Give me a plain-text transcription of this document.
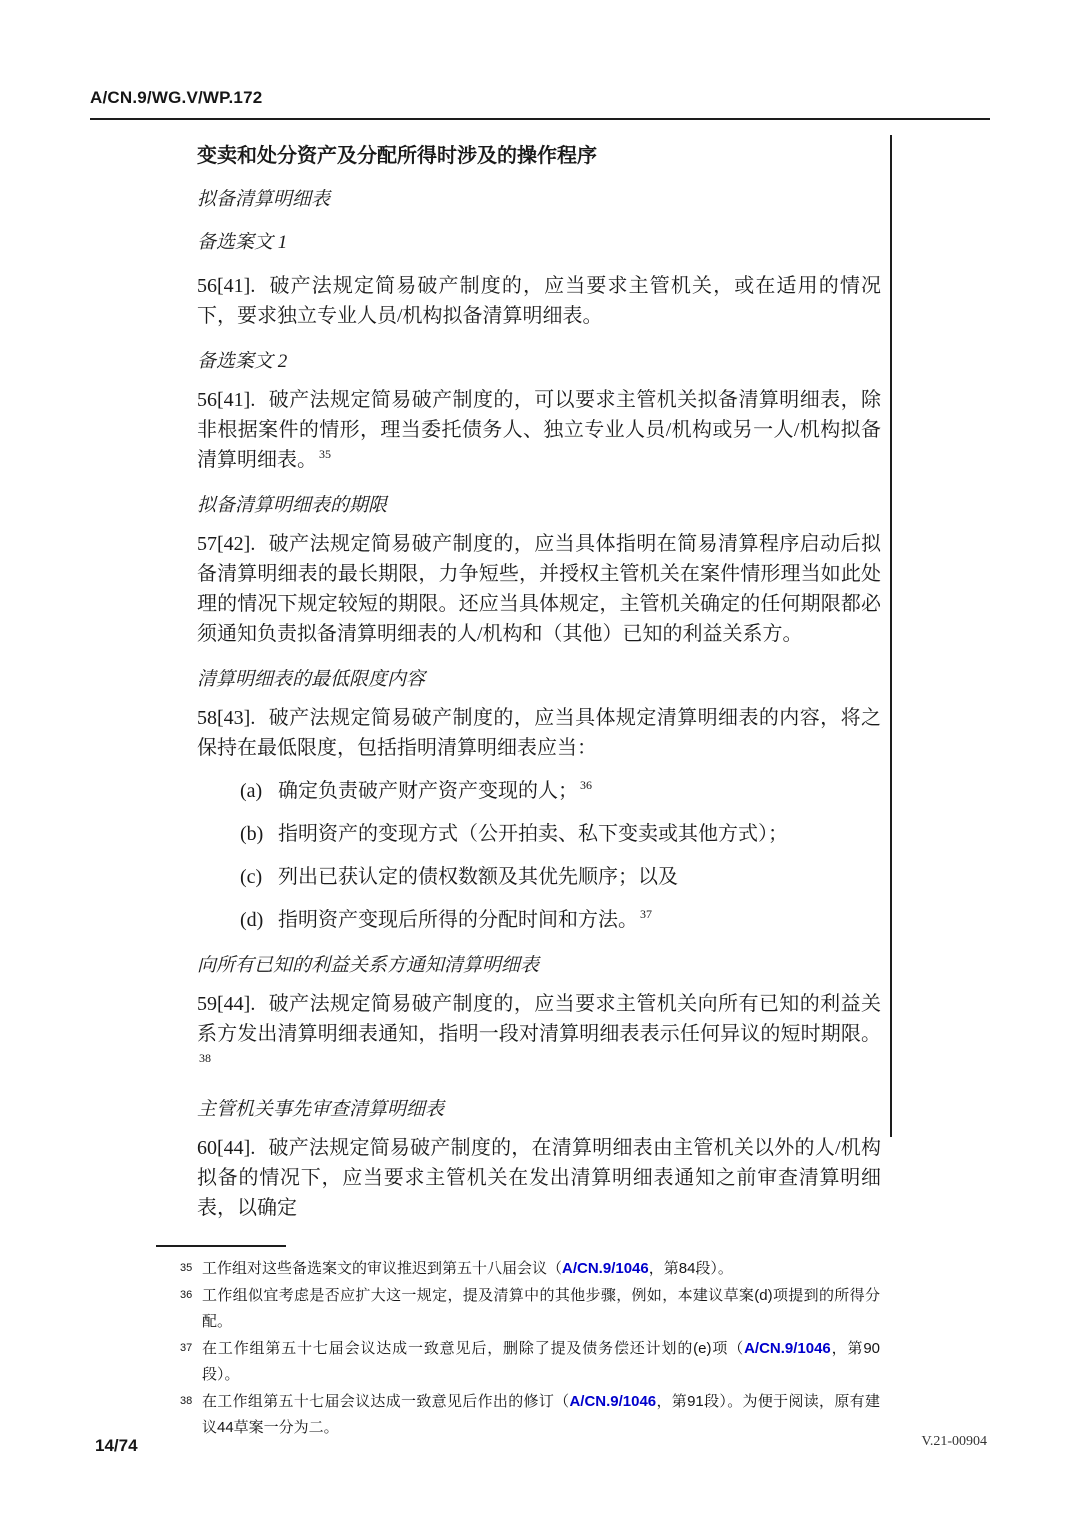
A/CN.9/WG.V/WP.172
变卖和处分资产及分配所得时涉及的操作程序
拟备清算明细表
备选案文 1

56[41]. 破产法规定简易破产制度的，应当要求主管机关，或在适用的情况下，要求独立专业人员/机构拟备清算明细表。

备选案文 2

56[41]. 破产法规定简易破产制度的，可以要求主管机关拟备清算明细表，除非根据案件的情形，理当委托债务人、独立专业人员/机构或另一人/机构拟备清算明细表。 $^{35}$

拟备清算明细表的期限

57[42]. 破产法规定简易破产制度的，应当具体指明在简易清算程序启动后拟备清算明细表的最长期限，力争短些，并授权主管机关在案件情形理当如此处理的情况下规定较短的期限。还应当具体规定，主管机关确定的任何期限都必须通知负责拟备清算明细表的人/机构和（其他）已知的利益关系方。

清算明细表的最低限度内容

58[43]. 破产法规定简易破产制度的，应当具体规定清算明细表的内容，将之保持在最低限度，包括指明清算明细表应当：

(a) 确定负责破产财产资产变现的人； $^{36}$
(b) 指明资产的变现方式（公开拍卖、私下变卖或其他方式）；
(c) 列出已获认定的债权数额及其优先顺序；以及
(d) 指明资产变现后所得的分配时间和方法。 $^{37}$
向所有已知的利益关系方通知清算明细表

59[44]. 破产法规定简易破产制度的，应当要求主管机关向所有已知的利益关系方发出清算明细表通知，指明一段对清算明细表表示任何异议的短时期限。$^{38}$

主管机关事先审查清算明细表

60[44]. 破产法规定简易破产制度的，在清算明细表由主管机关以外的人/机构拟备的情况下，应当要求主管机关在发出清算明细表通知之前审查清算明细表，以确定

35 工作组对这些备选案文的审议推迟到第五十八届会议（A/CN.9/1046，第84段）。
36 工作组似宜考虑是否应扩大这一规定，提及清算中的其他步骤，例如，本建议草案(d)项提到的所得分配。
37 在工作组第五十七届会议达成一致意见后，删除了提及债务偿还计划的(e)项（A/CN.9/1046，第90段）。
38 在工作组第五十七届会议达成一致意见后作出的修订（A/CN.9/1046，第91段）。为便于阅读，原有建议44草案一分为二。
14/74	V.21-00904
